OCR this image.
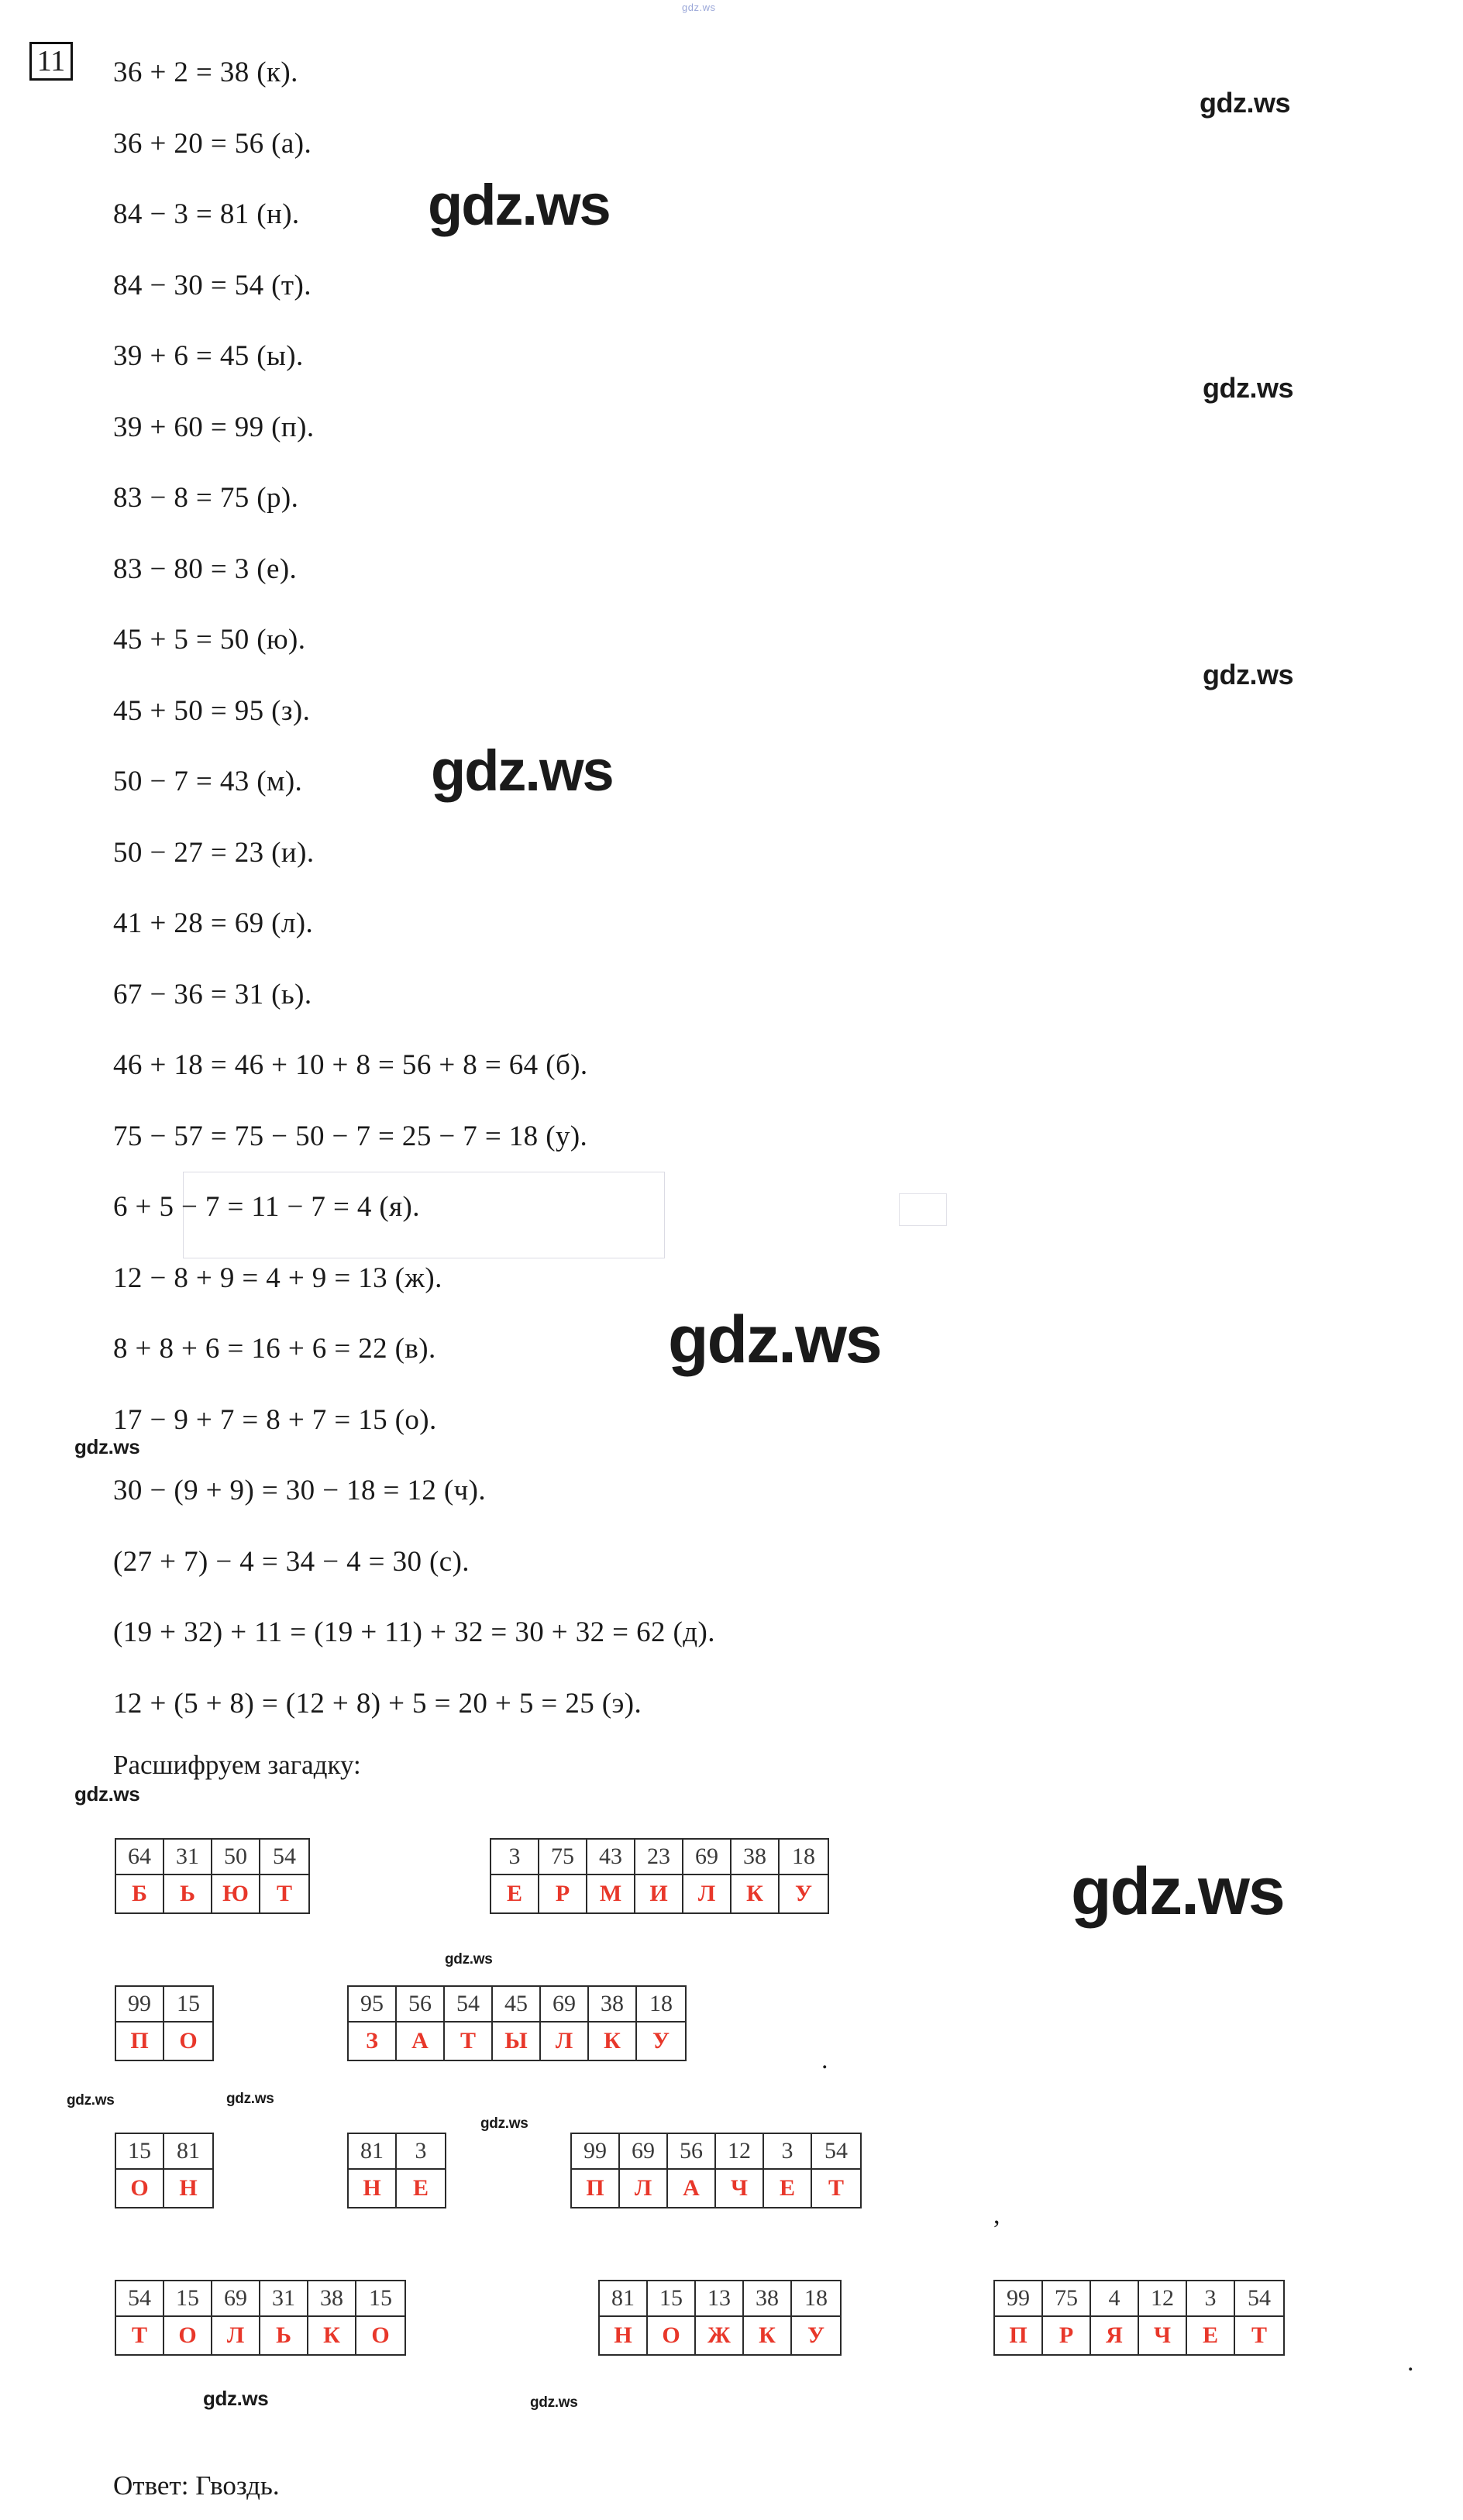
gdz.ws
11 36 + 2 = 38 (к).
36 + 20 = 56 (а).
84 − 3 = 81 (н).
84 − 30 = 54 (т).
39 + 6 = 45 (ы).
39 + 60 = 99 (п).
83 − 8 = 75 (р).
83 − 80 = 3 (е).
45 + 5 = 50 (ю).
45 + 50 = 95 (з).
50 − 7 = 43 (м).
50 − 27 = 23 (и).
41 + 28 = 69 (л).
67 − 36 = 31 (ь).
46 + 18 = 46 + 10 + 8 = 56 + 8 = 64 (б).
75 − 57 = 75 − 50 − 7 = 25 − 7 = 18 (у).
6 + 5 − 7 = 11 − 7 = 4 (я).
12 − 8 + 9 = 4 + 9 = 13 (ж).
8 + 8 + 6 = 16 + 6 = 22 (в).
17 − 9 + 7 = 8 + 7 = 15 (о).
30 − (9 + 9) = 30 − 18 = 12 (ч).
(27 + 7) − 4 = 34 − 4 = 30 (с).
(19 + 32) + 11 = (19 + 11) + 32 = 30 + 32 = 62 (д).
12 + (5 + 8) = (12 + 8) + 5 = 20 + 5 = 25 (э).
Расшифруем загадку:
64
Б
31
Ь
50
Ю
54
Т
3
Е
75
Р
43
М
23
И
69
Л
38
К
18
У
99
П
15
О
95
З
56
А
54
Т
45
Ы
69
Л
38
К
18
У
.
15
О
81
Н
81
Н
3
Е
99
П
69
Л
56
А
12
Ч
3
Е
54
Т
,
54
Т
15
О
69
Л
31
Ь
38
К
15
О
81
Н
15
О
13
Ж
38
К
18
У
99
П
75
Р
4
Я
12
Ч
3
Е
54
Т
.
gdz.ws
gdz.ws
gdz.ws
gdz.ws
gdz.ws
gdz.ws
gdz.ws
gdz.ws
gdz.ws
gdz.ws
gdz.ws	gdz.ws
gdz.ws
gdz.ws	gdz.ws
Ответ: Гвоздь.
